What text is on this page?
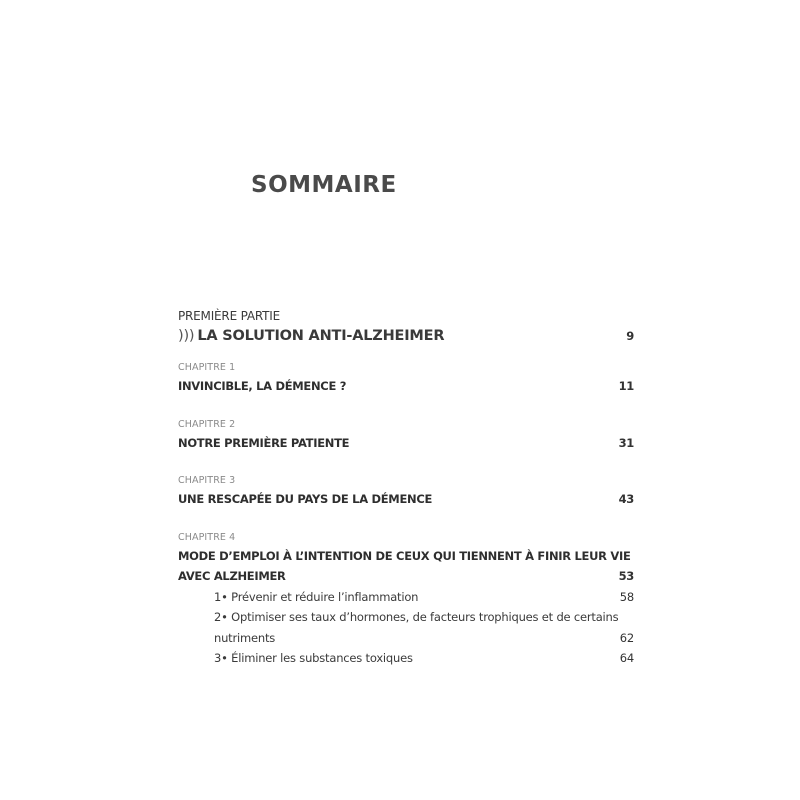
SOMMAIRE
PREMIÈRE PARTIE
))) LA SOLUTION ANTI-ALZHEIMER	9
CHAPITRE 1
INVINCIBLE, LA DÉMENCE ?	11
CHAPITRE 2
NOTRE PREMIÈRE PATIENTE	31
CHAPITRE 3
UNE RESCAPÉE DU PAYS DE LA DÉMENCE	43
CHAPITRE 4
MODE D’EMPLOI À L’INTENTION DE CEUX QUI TIENNENT À FINIR LEUR VIE
AVEC ALZHEIMER	53
1• Prévenir et réduire l’inflammation	58
2• Optimiser ses taux d’hormones, de facteurs trophiques et de certains
nutriments	62
3• Éliminer les substances toxiques	64
